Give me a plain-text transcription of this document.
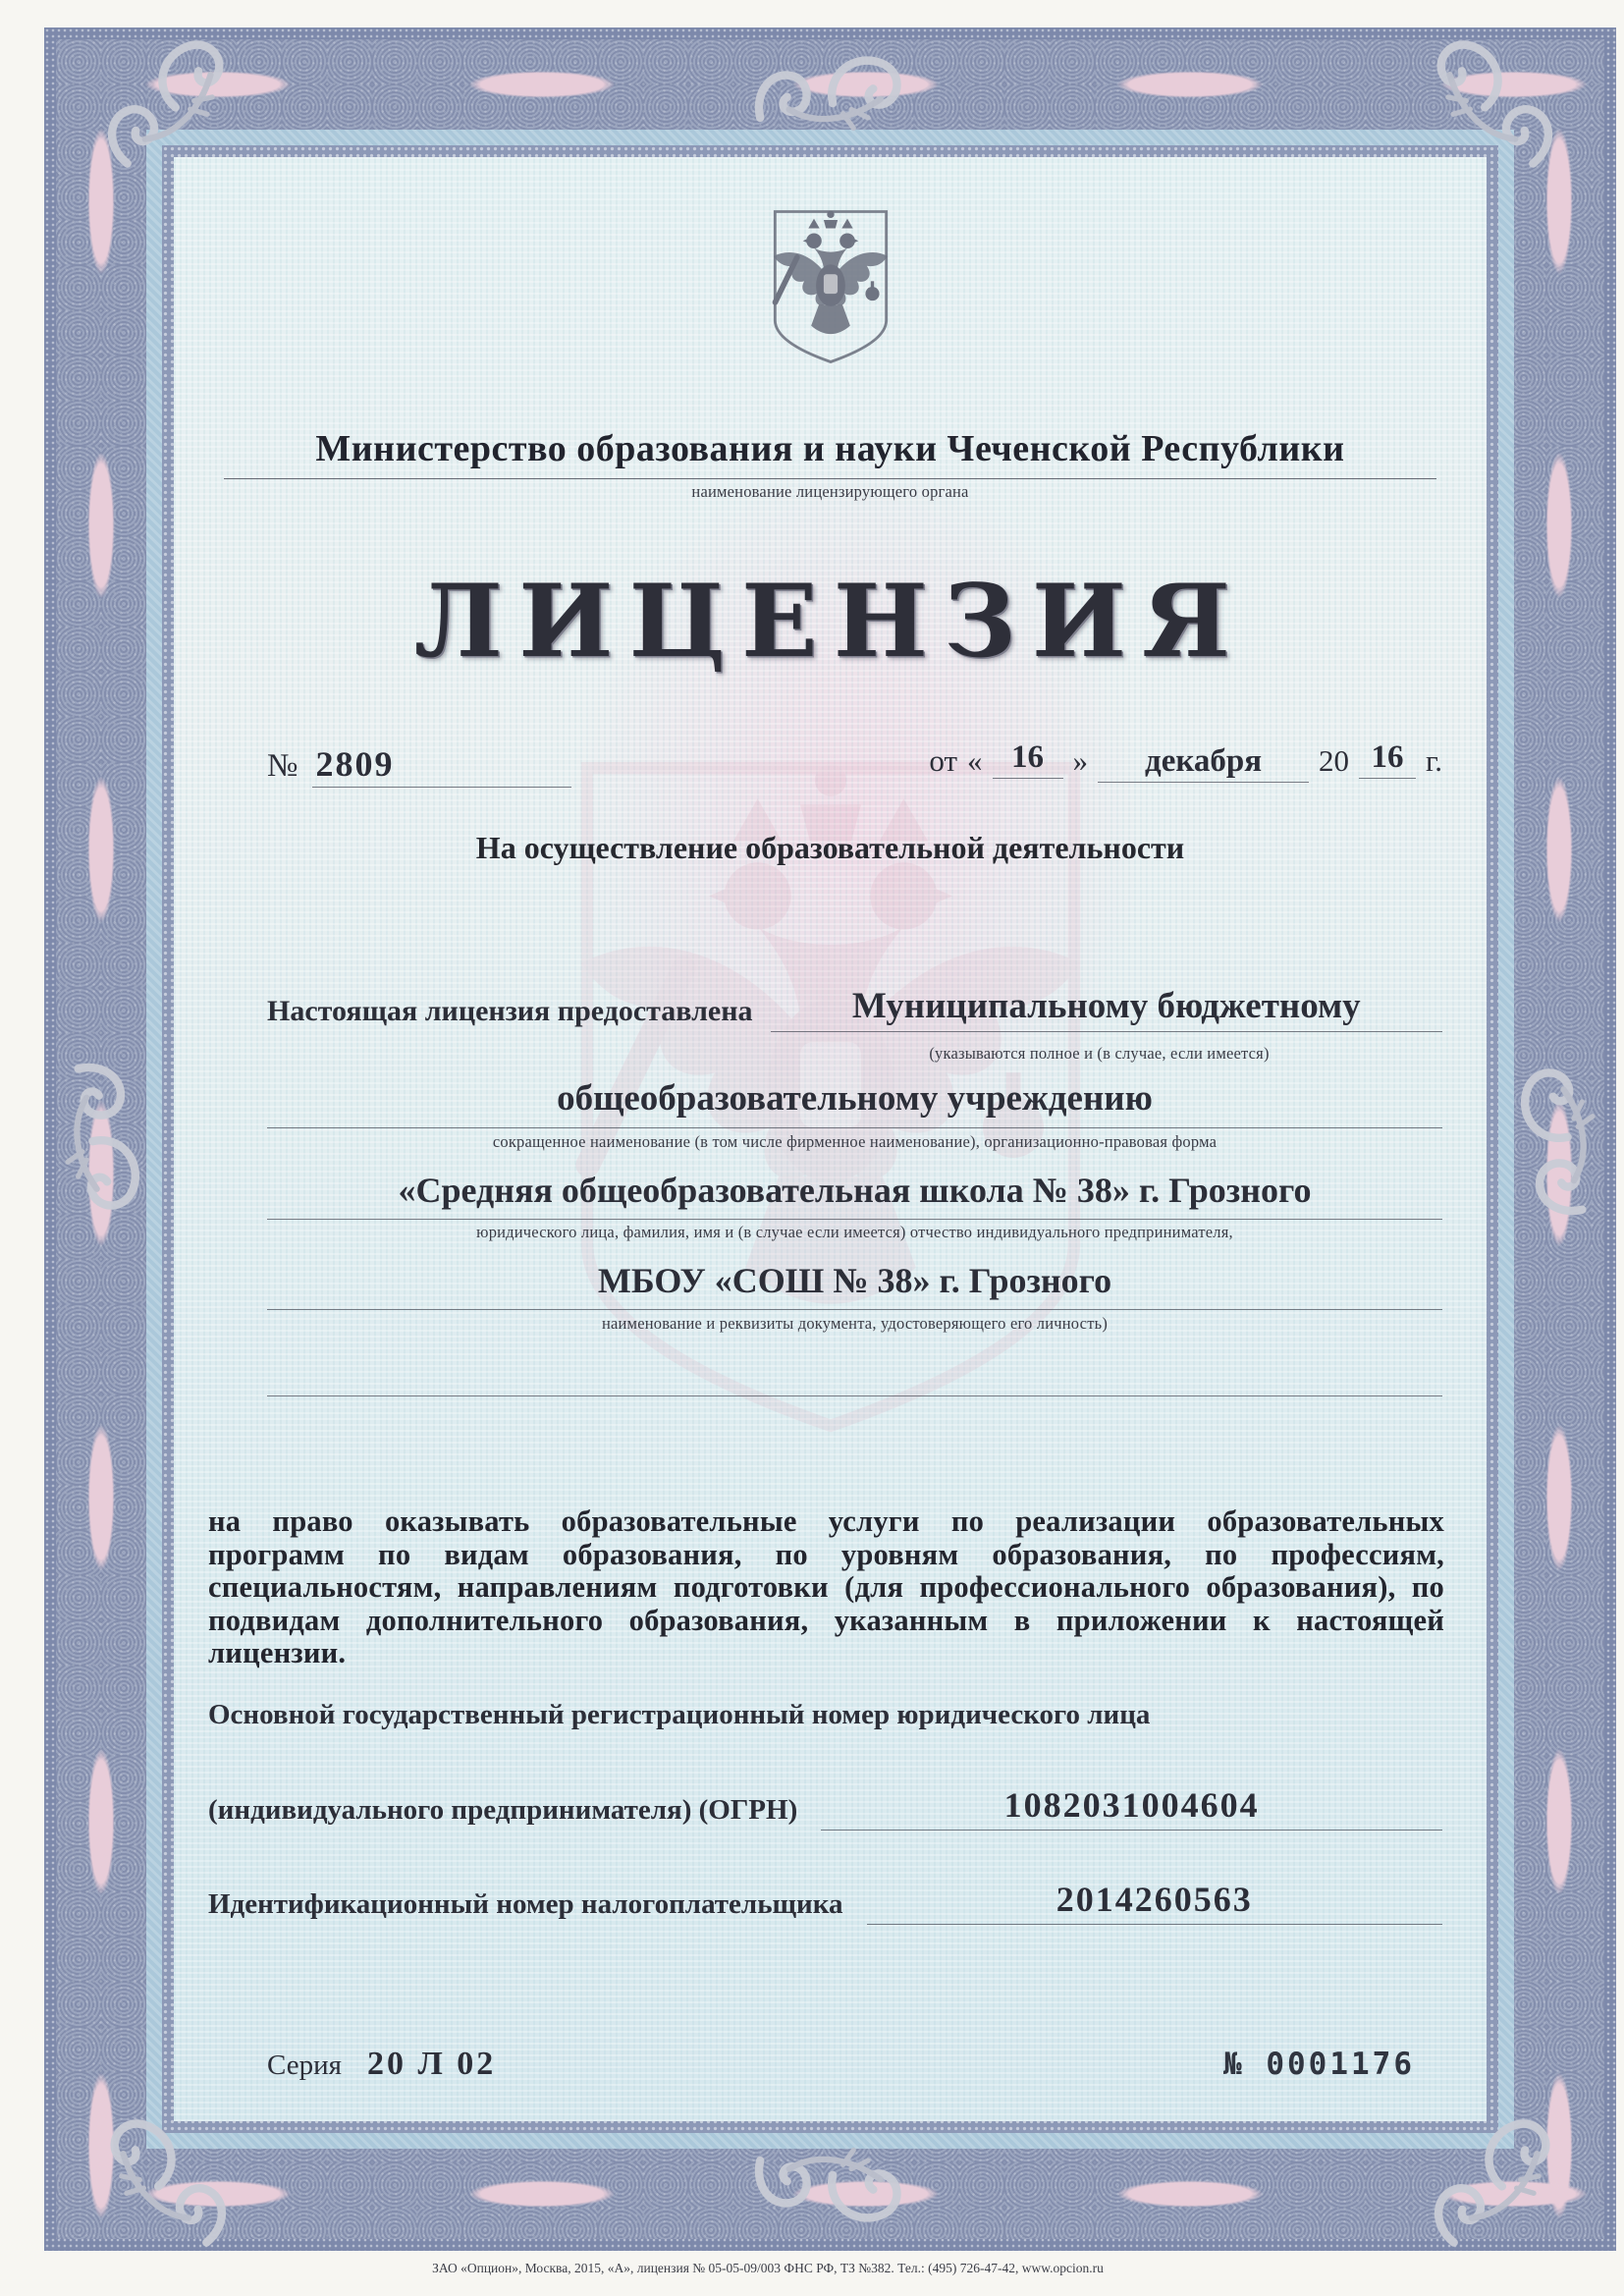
Министерство образования и науки Чеченской Республики
наименование лицензирующего органа
ЛИЦЕНЗИЯ
№ 2809	от « 16 »	декабря	20 16 г.
На осуществление образовательной деятельности
Настоящая лицензия предоставлена	Муниципальному бюджетному
(указываются полное и (в случае, если имеется)
общеобразовательному учреждению
сокращенное наименование (в том числе фирменное наименование), организационно-правовая форма
«Средняя общеобразовательная школа № 38» г. Грозного
юридического лица, фамилия, имя и (в случае если имеется) отчество индивидуального предпринимателя,
МБОУ «СОШ № 38» г. Грозного
наименование и реквизиты документа, удостоверяющего его личность)
на право оказывать образовательные услуги по реализации образовательных программ по видам образования, по уровням образования, по профессиям, специальностям, направлениям подготовки (для профессионального образования), по подвидам дополнительного образования, указанным в приложении к настоящей лицензии.
Основной государственный регистрационный номер юридического лица
(индивидуального предпринимателя) (ОГРН)	1082031004604
Идентификационный номер налогоплательщика	2014260563
Серия 20 Л 02	№ 0001176
ЗАО «Опцион», Москва, 2015, «А», лицензия № 05-05-09/003 ФНС РФ, ТЗ №382. Тел.: (495) 726-47-42, www.opcion.ru
